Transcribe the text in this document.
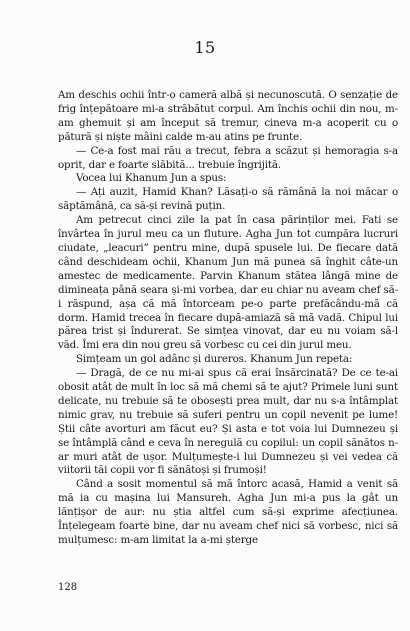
15

Am deschis ochii într-o cameră albă și necunoscută. O senzație de frig înțepătoare mi-a străbătut corpul. Am închis ochii din nou, m-am ghemuit și am început să tremur, cineva m-a acoperit cu o pătură și niște mâini calde m-au atins pe frunte.

— Ce-a fost mai rău a trecut, febra a scăzut și hemoragia s-a oprit, dar e foarte slăbită... trebuie îngrijită.

Vocea lui Khanum Jun a spus:

— Ați auzit, Hamid Khan? Lăsați-o să rămână la noi măcar o săptămână, ca să-și revină puțin.

Am petrecut cinci zile la pat în casa părinților mei. Fati se învârtea în jurul meu ca un fluture. Agha Jun tot cumpăra lucruri ciudate, „leacuri” pentru mine, după spusele lui. De fiecare dată când deschideam ochii, Khanum Jun mă punea să înghit câte-un amestec de medicamente. Parvin Khanum stătea lângă mine de dimineața până seara și-mi vorbea, dar eu chiar nu aveam chef să-i răspund, așa că mă întorceam pe-o parte prefăcându-mă că dorm. Hamid trecea în fiecare după-amiază să mă vadă. Chipul lui părea trist și îndurerat. Se simțea vinovat, dar eu nu voiam să-l văd. Îmi era din nou greu să vorbesc cu cei din jurul meu.

Simțeam un gol adânc și dureros. Khanum Jun repeta:

— Dragă, de ce nu mi-ai spus că erai însărcinată? De ce te-ai obosit atât de mult în loc să mă chemi să te ajut? Primele luni sunt delicate, nu trebuie să te obosești prea mult, dar nu s-a întâmplat nimic grav, nu trebuie să suferi pentru un copil nevenit pe lume! Știi câte avorturi am făcut eu? Și asta e tot voia lui Dumnezeu și se întâmplă când e ceva în neregulă cu copilul: un copil sănătos n-ar muri atât de ușor. Mulțumește-i lui Dumnezeu și vei vedea că viitorii tăi copii vor fi sănătoși și frumoși!

Când a sosit momentul să mă întorc acasă, Hamid a venit să mă ia cu mașina lui Mansureh. Agha Jun mi-a pus la gât un lănțișor de aur: nu știa altfel cum să-și exprime afecțiunea. Înțelegeam foarte bine, dar nu aveam chef nici să vorbesc, nici să mulțumesc: m-am limitat la a-mi șterge

128
